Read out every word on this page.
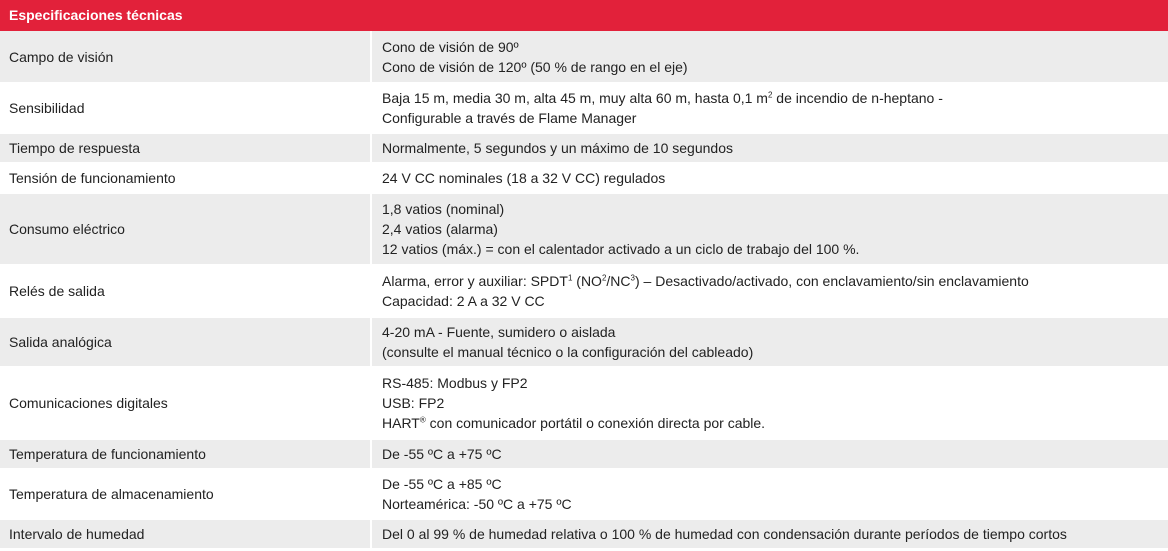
Especificaciones técnicas
Campo de visión	Cono de visión de 90º
Cono de visión de 120º (50 % de rango en el eje)

Sensibilidad	Baja 15 m, media 30 m, alta 45 m, muy alta 60 m, hasta 0,1 $m^2$ de incendio de n-heptano -
Configurable a través de Flame Manager

Tiempo de respuesta	Normalmente, 5 segundos y un máximo de 10 segundos

Tensión de funcionamiento	24 V CC nominales (18 a 32 V CC) regulados

Consumo eléctrico	1,8 vatios (nominal)
2,4 vatios (alarma)
12 vatios (máx.) = con el calentador activado a un ciclo de trabajo del 100 %.

Relés de salida	Alarma, error y auxiliar: SPDT$^1$ $(NO^2/NC^3)$ – Desactivado/activado, con enclavamiento/sin enclavamiento
Capacidad: 2 A a 32 V CC

Salida analógica	4-20 mA - Fuente, sumidero o aislada
(consulte el manual técnico o la configuración del cableado)

Comunicaciones digitales	RS-485: Modbus y FP2
USB: FP2
HART® con comunicador portátil o conexión directa por cable.

Temperatura de funcionamiento	De -55 ºC a +75 ºC

Temperatura de almacenamiento	De -55 ºC a +85 ºC
Norteamérica: -50 ºC a +75 ºC

Intervalo de humedad	Del 0 al 99 % de humedad relativa o 100 % de humedad con condensación durante períodos de tiempo cortos
